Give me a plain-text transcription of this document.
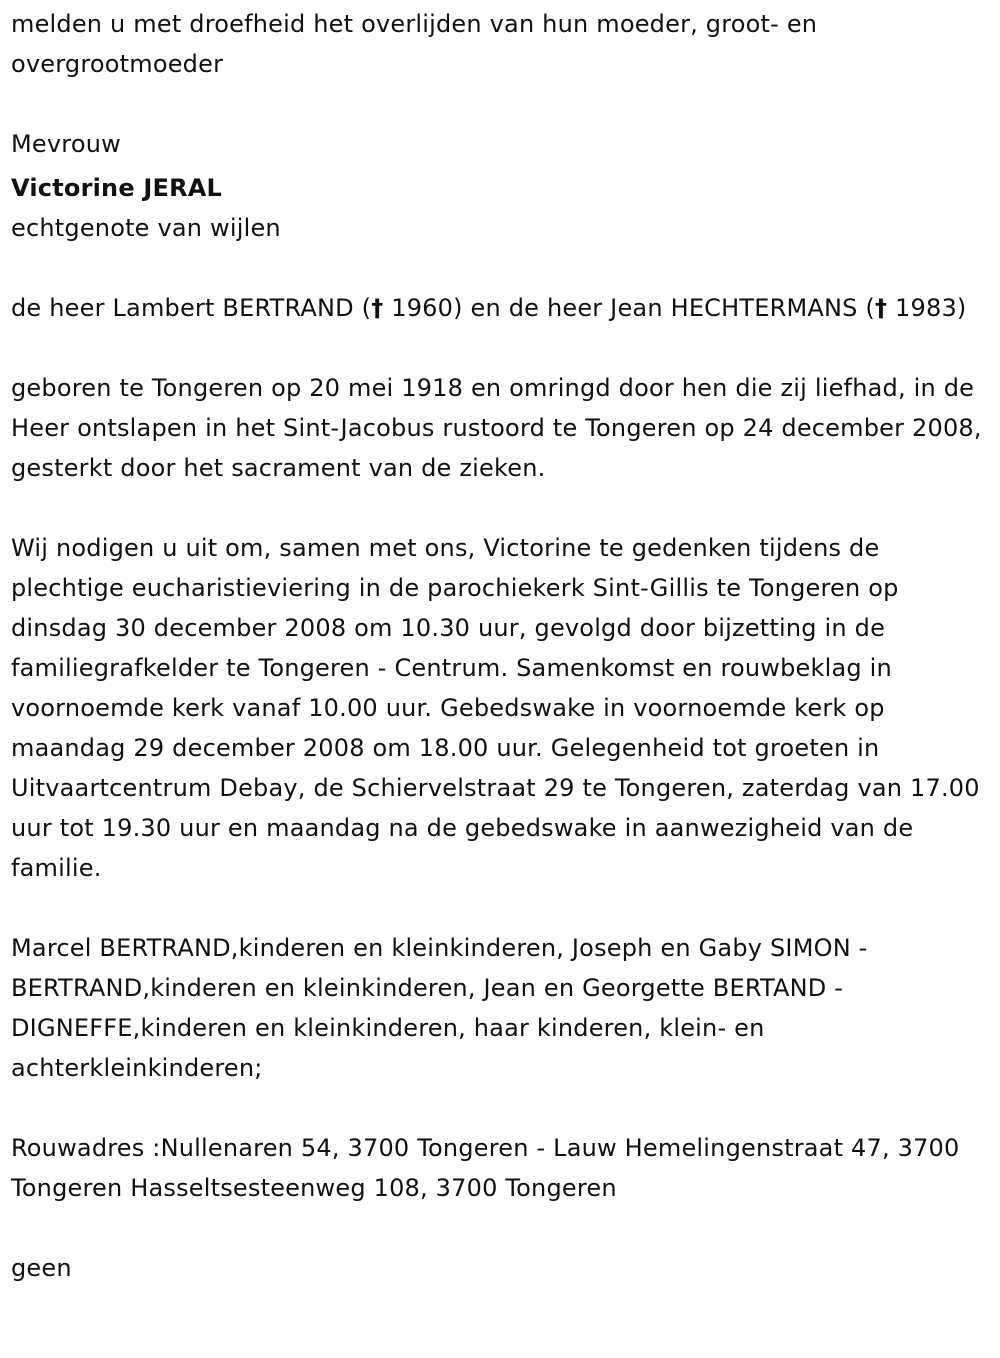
melden u met droefheid het overlijden van hun moeder, groot- en overgrootmoeder

Mevrouw

Victorine JERAL

echtgenote van wijlen

de heer Lambert BERTRAND († 1960) en de heer Jean HECHTERMANS († 1983)

geboren te Tongeren op 20 mei 1918 en omringd door hen die zij liefhad, in de Heer ontslapen in het Sint-Jacobus rustoord te Tongeren op 24 december 2008, gesterkt door het sacrament van de zieken.

Wij nodigen u uit om, samen met ons, Victorine te gedenken tijdens de plechtige eucharistieviering in de parochiekerk Sint-Gillis te Tongeren op dinsdag 30 december 2008 om 10.30 uur, gevolgd door bijzetting in de familiegrafkelder te Tongeren - Centrum. Samenkomst en rouwbeklag in voornoemde kerk vanaf 10.00 uur. Gebedswake in voornoemde kerk op maandag 29 december 2008 om 18.00 uur. Gelegenheid tot groeten in Uitvaartcentrum Debay, de Schiervelstraat 29 te Tongeren, zaterdag van 17.00 uur tot 19.30 uur en maandag na de gebedswake in aanwezigheid van de familie.

Marcel BERTRAND,kinderen en kleinkinderen, Joseph en Gaby SIMON - BERTRAND,kinderen en kleinkinderen, Jean en Georgette BERTAND - DIGNEFFE,kinderen en kleinkinderen, haar kinderen, klein- en achterkleinkinderen;

Rouwadres :Nullenaren 54, 3700 Tongeren - Lauw Hemelingenstraat 47, 3700 Tongeren Hasseltsesteenweg 108, 3700 Tongeren

geen
